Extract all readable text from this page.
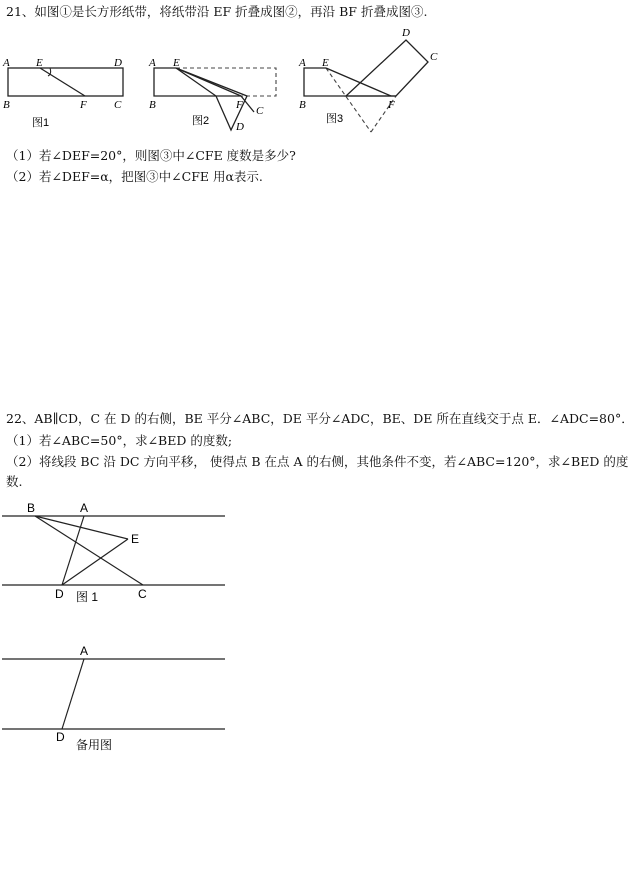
21、如图①是长方形纸带，将纸带沿 EF 折叠成图②，再沿 BF 折叠成图③.
A E	D
B	F C
图1
A E
B	F C
D
图2
A E
D
C
B	F
图3
（1）若∠DEF=20°，则图③中∠CFE 度数是多少?
（2）若∠DEF=α，把图③中∠CFE 用α表示.
22、AB∥CD，C 在 D 的右侧，BE 平分∠ABC，DE 平分∠ADC，BE、DE 所在直线交于点 E．∠ADC=80°．
（1）若∠ABC=50°，求∠BED 的度数;
（2）将线段 BC 沿 DC 方向平移， 使得点 B 在点 A 的右侧，其他条件不变，若∠ABC=120°，求∠BED 的度
数.
B	A
E
D	C
图 1
A
D
备用图
